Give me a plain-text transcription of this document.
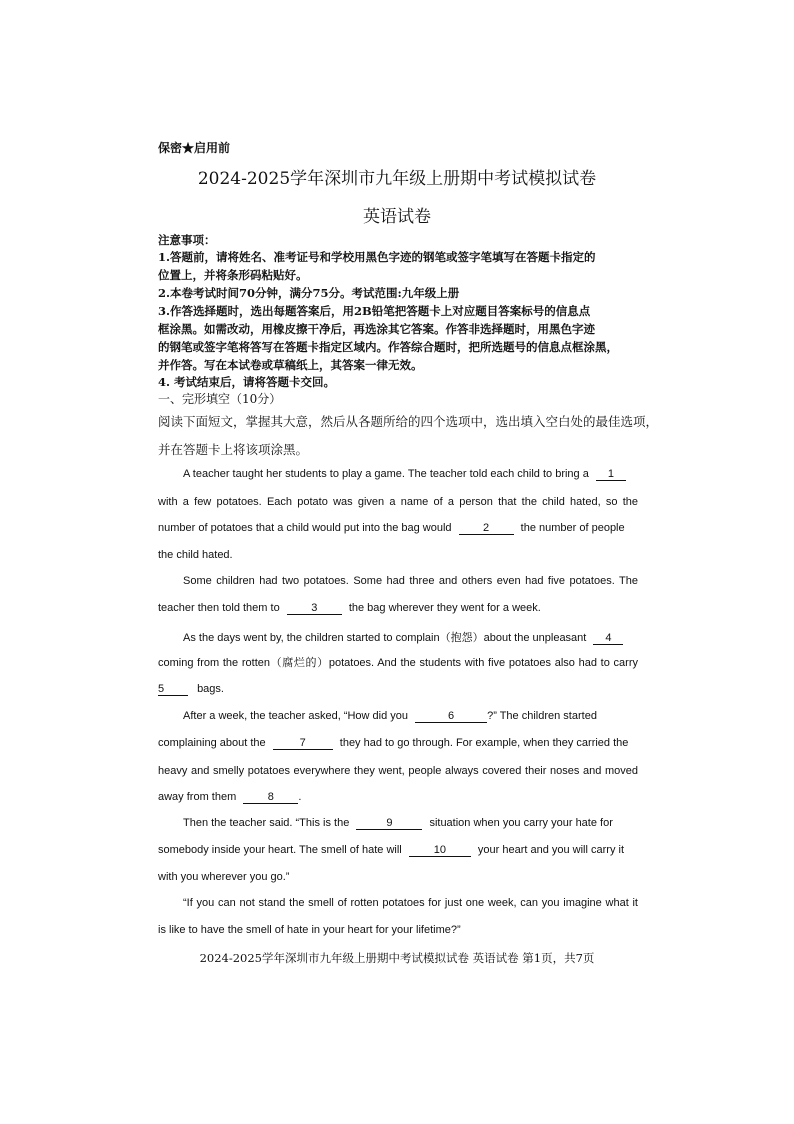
保密★启用前
2024-2025学年深圳市九年级上册期中考试模拟试卷
英语试卷
注意事项：
1.答题前，请将姓名、准考证号和学校用黑色字迹的钢笔或签字笔填写在答题卡指定的
位置上，并将条形码粘贴好。
2.本卷考试时间70分钟，满分75分。考试范围:九年级上册
3.作答选择题时，选出每题答案后，用2B铅笔把答题卡上对应题目答案标号的信息点
框涂黑。如需改动，用橡皮擦干净后，再选涂其它答案。作答非选择题时，用黑色字迹
的钢笔或签字笔将答写在答题卡指定区域内。作答综合题时，把所选题号的信息点框涂黑，
并作答。写在本试卷或草稿纸上，其答案一律无效。
4. 考试结束后，请将答题卡交回。
一、完形填空（10分）
阅读下面短文，掌握其大意，然后从各题所给的四个选项中，选出填入空白处的最佳选项，
并在答题卡上将该项涂黑。
A teacher taught her students to play a game. The teacher told each child to bring a 1
with a few potatoes. Each potato was given a name of a person that the child hated, so the
number of potatoes that a child would put into the bag would	2	the number of people
the child hated.
Some children had two potatoes. Some had three and others even had five potatoes. The
teacher then told them to	3	the bag wherever they went for a week.
As the days went by, the children started to complain（抱怨）about the unpleasant 4
coming from the rotten（腐烂的）potatoes. And the students with five potatoes also had to carry
5	bags.
After a week, the teacher asked, “How did you	6	?” The children started
complaining about the	7	they had to go through. For example, when they carried the
heavy and smelly potatoes everywhere they went, people always covered their noses and moved
away from them	8 .
Then the teacher said. “This is the	9	situation when you carry your hate for
somebody inside your heart. The smell of hate will	10	your heart and you will carry it
with you wherever you go.”
“If you can not stand the smell of rotten potatoes for just one week, can you imagine what it
is like to have the smell of hate in your heart for your lifetime?”
2024-2025学年深圳市九年级上册期中考试模拟试卷 英语试卷 第1页，共7页
